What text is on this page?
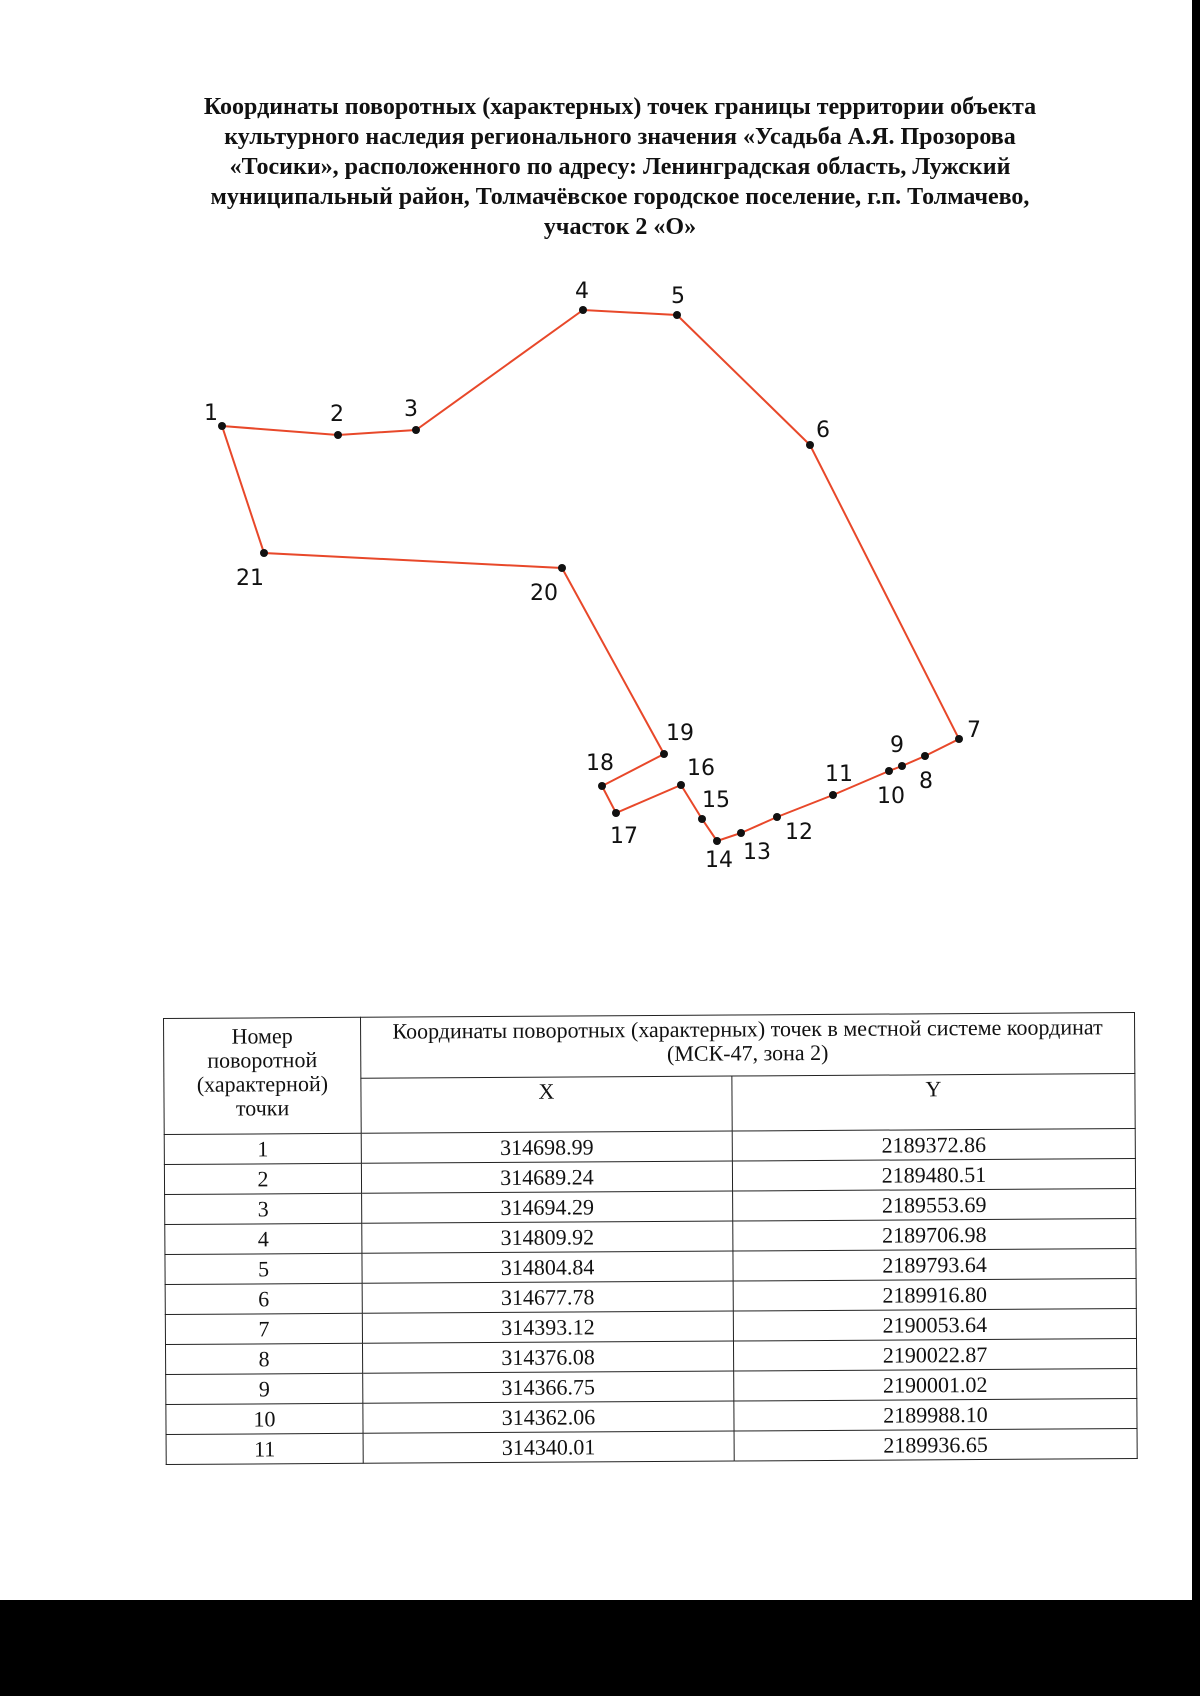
Координаты поворотных (характерных) точек границы территории объекта
культурного наследия регионального значения «Усадьба А.Я. Прозорова
«Тосики», расположенного по адресу: Ленинградская область, Лужский
муниципальный район, Толмачёвское городское поселение, г.п. Толмачево,
участок 2 «О»
1	2	3
4	5
6
7
8
9
10
11
12
13
14
15
16
17
18
19
20
21
Номер
поворотной
(характерной)
точки	Координаты поворотных (характерных) точек в местной системе координат (МСК-47, зона 2)	
	X	Y
1	314698.99	2189372.86
2	314689.24	2189480.51
3	314694.29	2189553.69
4	314809.92	2189706.98
5	314804.84	2189793.64
6	314677.78	2189916.80
7	314393.12	2190053.64
8	314376.08	2190022.87
9	314366.75	2190001.02
10	314362.06	2189988.10
11	314340.01	2189936.65
